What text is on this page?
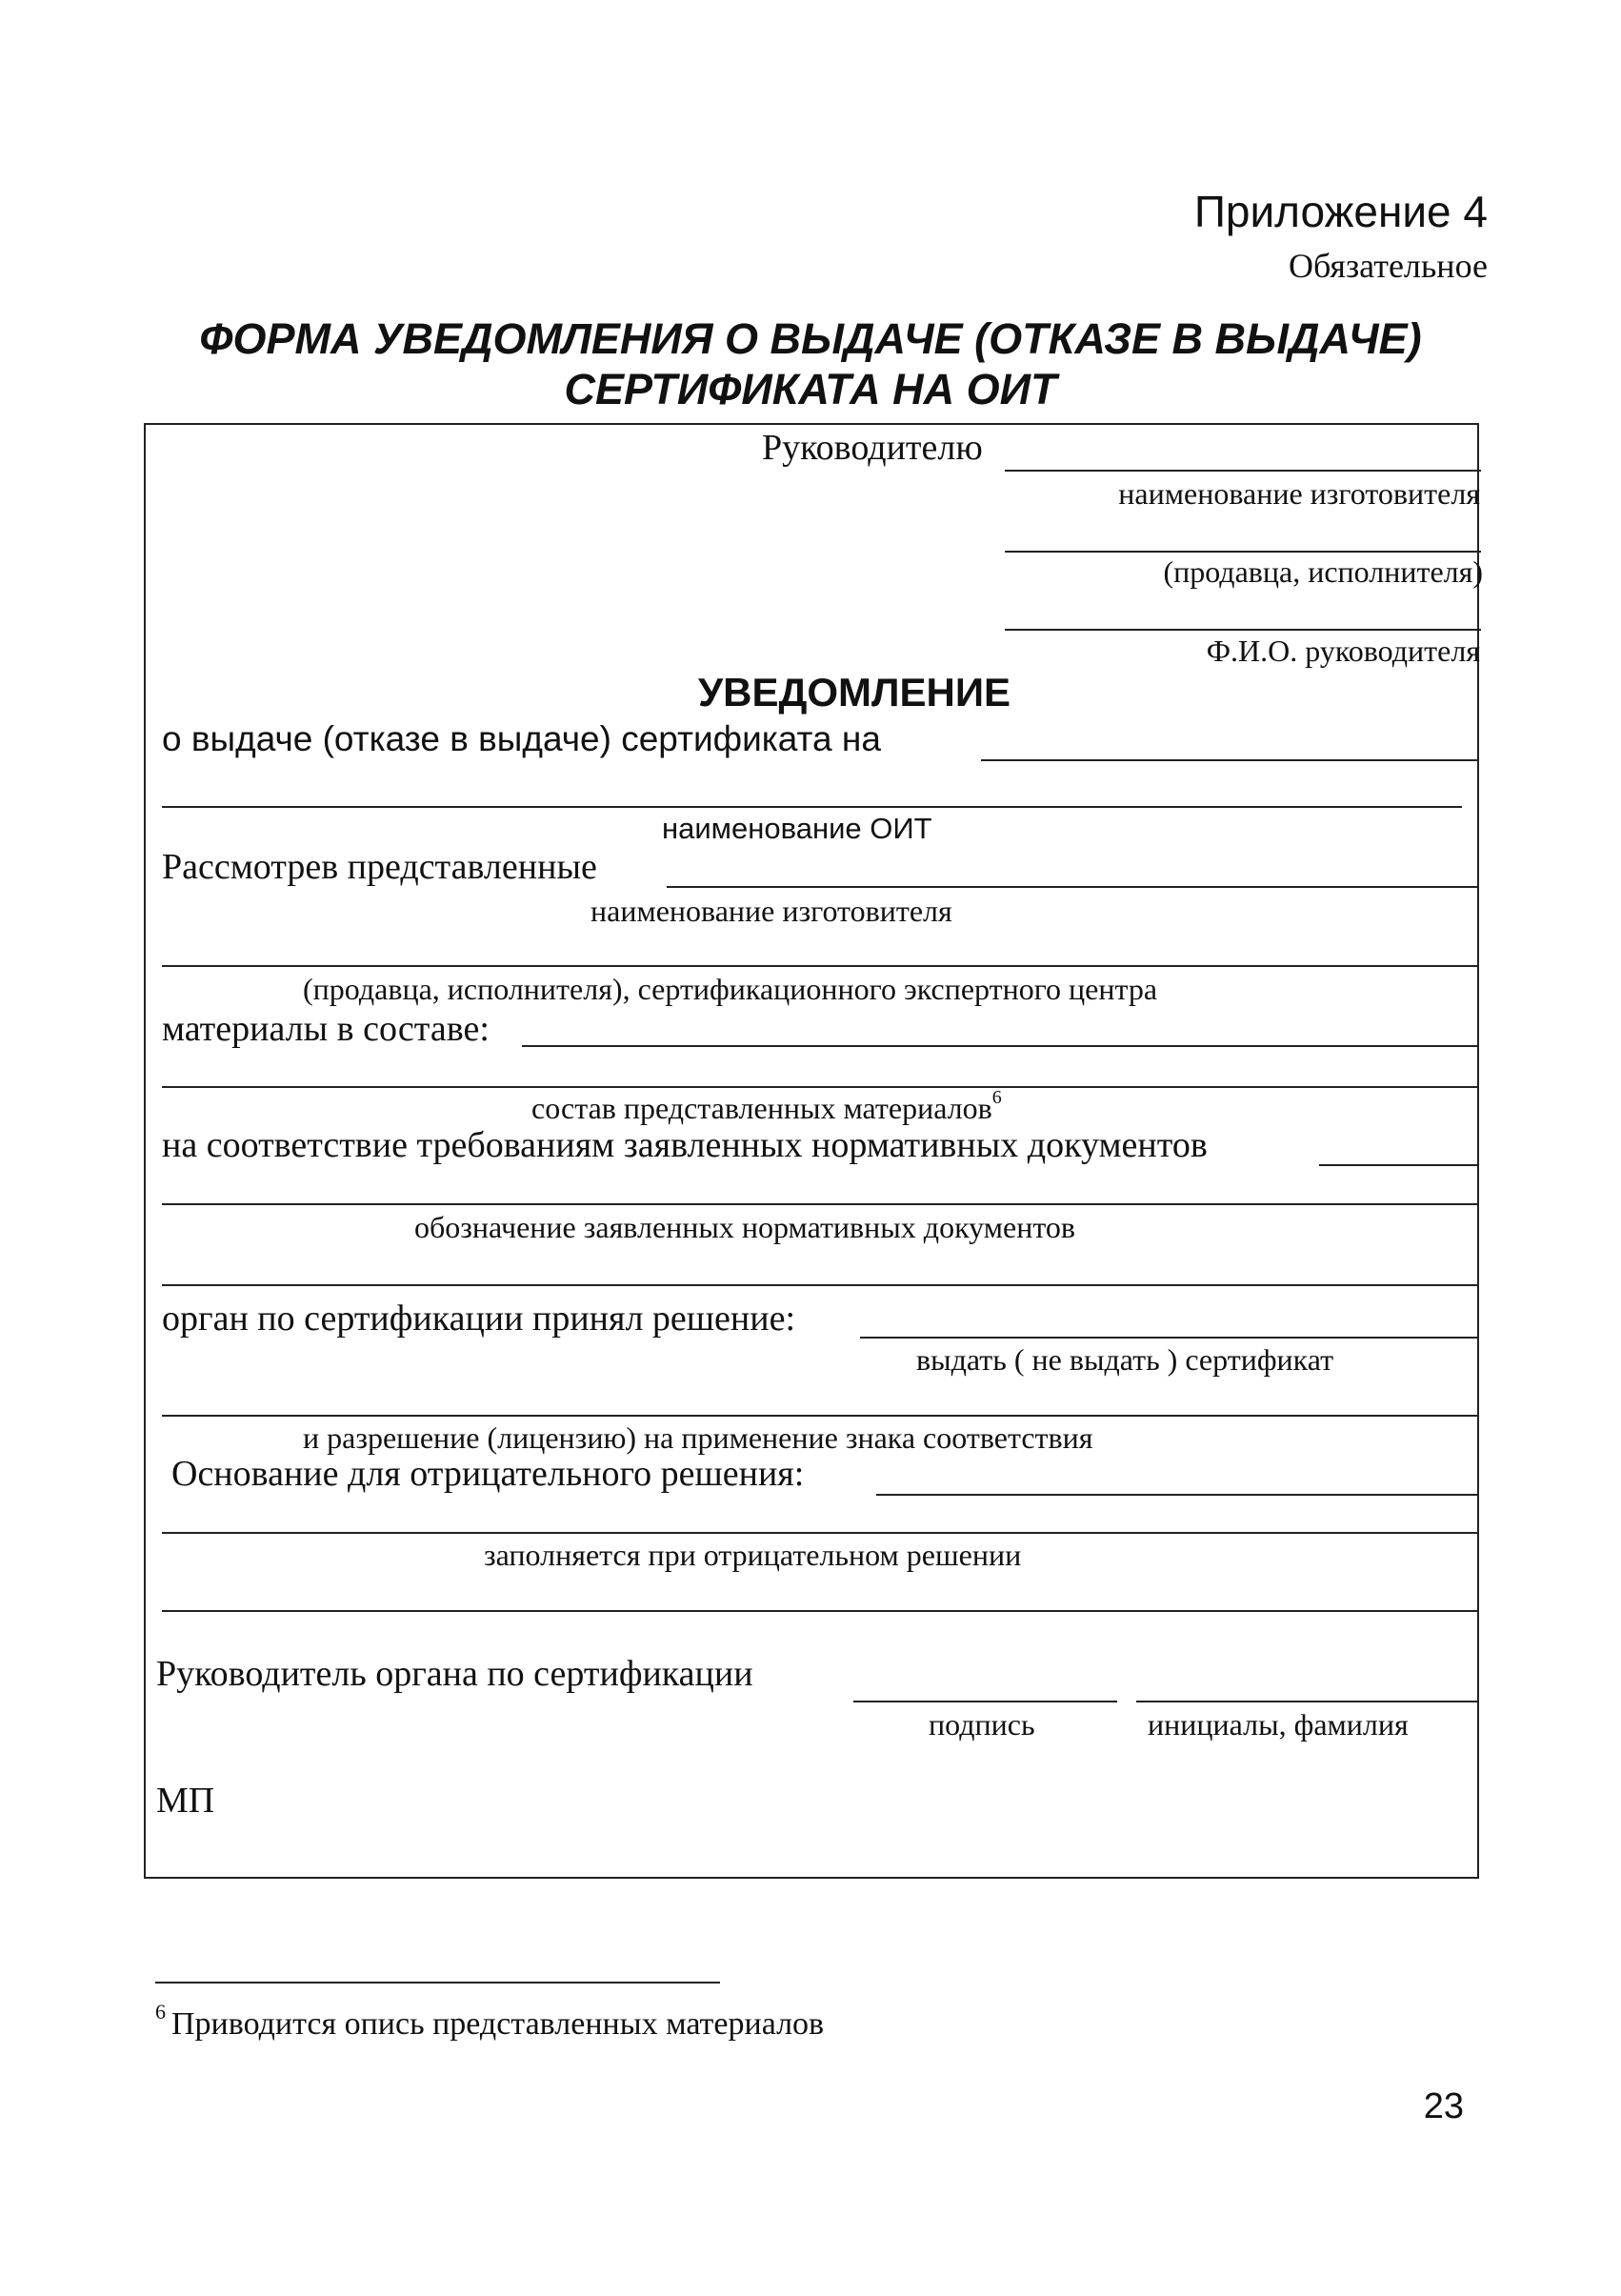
Приложение 4
Обязательное
ФОРМА УВЕДОМЛЕНИЯ О ВЫДАЧЕ (ОТКАЗЕ В ВЫДАЧЕ)
СЕРТИФИКАТА НА ОИТ
Руководителю
наименование изготовителя
(продавца, исполнителя)
Ф.И.О. руководителя
УВЕДОМЛЕНИЕ
о выдаче (отказе в выдаче) сертификата на
наименование ОИТ
Рассмотрев представленные
наименование изготовителя
(продавца, исполнителя), сертификационного экспертного центра
материалы в составе:
состав представленных материалов$^6$
на соответствие требованиям заявленных нормативных документов
обозначение заявленных нормативных документов
орган по сертификации принял решение:
выдать ( не выдать ) сертификат
и разрешение (лицензию) на применение знака соответствия
Основание для отрицательного решения:
заполняется при отрицательном решении
Руководитель органа по сертификации
подпись	инициалы, фамилия
МП
$^6$ Приводится опись представленных материалов
23
